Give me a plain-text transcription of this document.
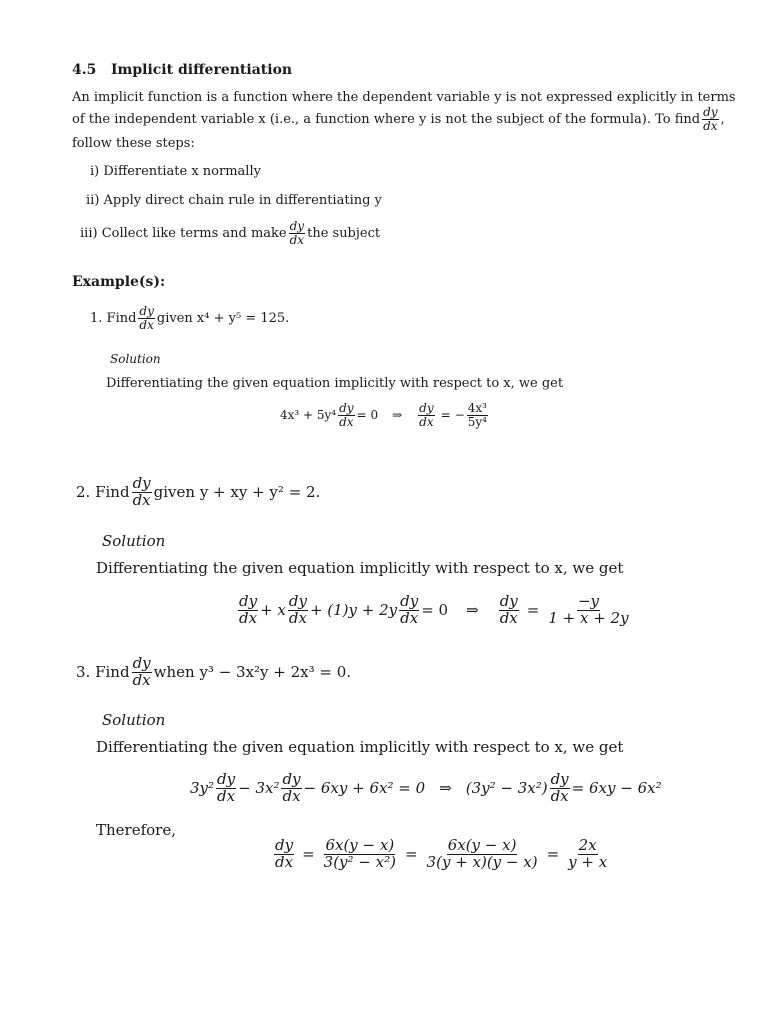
4.5 Implicit differentiation
An implicit function is a function where the dependent variable y is not expressed explicitly in terms
of the independent variable x (i.e., a function where y is not the subject of the formula). To find $\frac{dy}{dx}$ ,
follow these steps:
i) Differentiate x normally
ii) Apply direct chain rule in differentiating y
iii)
Collect like terms and make $\frac{dy}{dx}$ the subject
Example(s):
1.
Find $\frac{dy}{dx}$ given x⁴ + y⁵ = 125.
Solution
Differentiating the given equation implicitly with respect to x, we get
$4x^3 + 5y^4 \frac{dy}{dx} = 0$ ⇒ $\frac{dy}{dx}$ = − $\frac{\text{4x³}}{\text{5y⁴}}$
2.
Find $\frac{dy}{dx}$ given y + xy + y² = 2.
Solution
Differentiating the given equation implicitly with respect to x, we get
$\frac{dy}{dx} + x \frac{dy}{dx} + (1)y + 2y \frac{dy}{dx} = 0$ ⇒ $\frac{dy}{dx} = \frac{-y}{1 + x + 2y}$
3.
Find $\frac{dy}{dx}$ when y³ − 3x²y + 2x³ = 0.
Solution
Differentiating the given equation implicitly with respect to x, we get
$3y^2 \frac{dy}{dx} - 3x^2 \frac{dy}{dx} - 6xy + 6x^2 = 0$ ⇒ $(3y^2 - 3x^2) \frac{dy}{dx} = 6xy - 6x^2$
Therefore,
$\frac{dy}{dx} = \frac{6x(y - x)}{\text{3(y² − x²)}} = \frac{6x(y - x)}{3(y + x)(y - x)} = \frac{2x}{y + x}$
